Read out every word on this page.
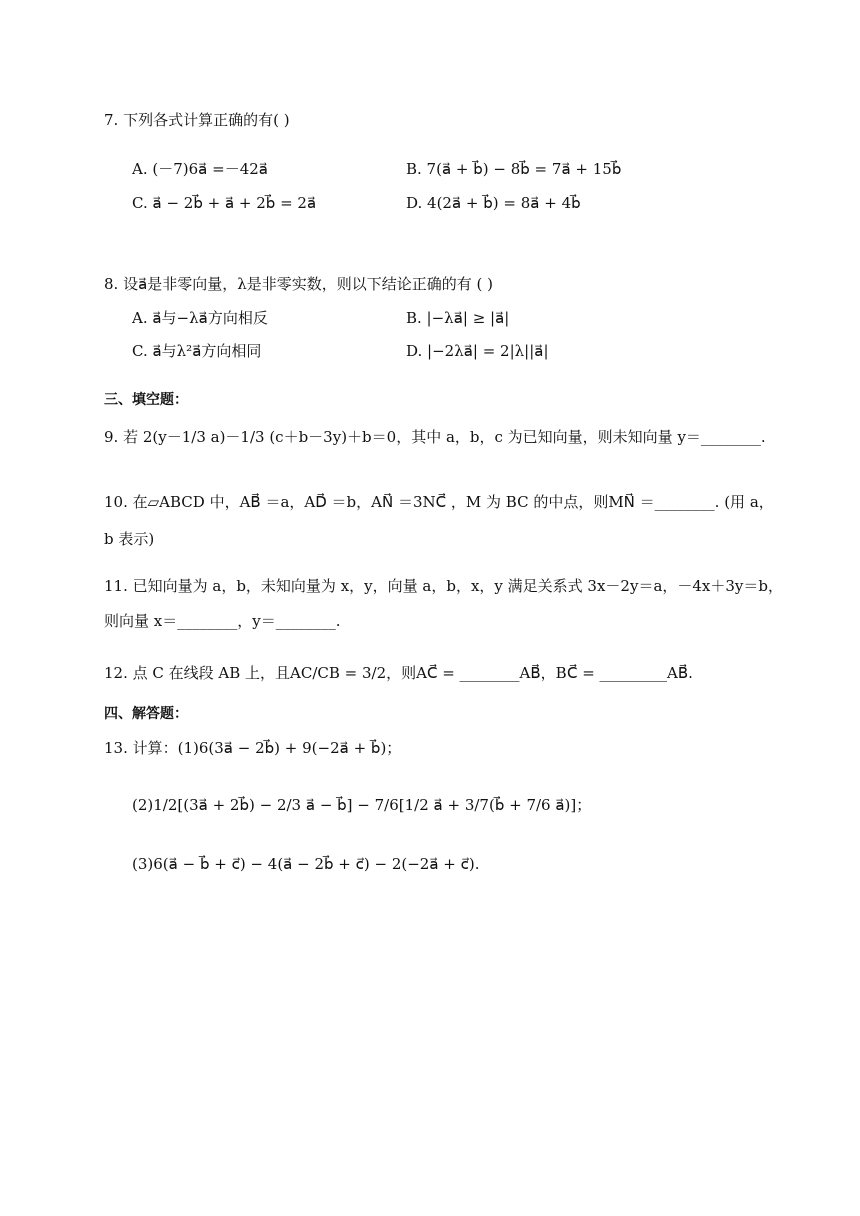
7. 下列各式计算正确的有( )
A. (－7)6a⃗ =－42a⃗	B. 7(a⃗ + b⃗) − 8b⃗ = 7a⃗ + 15b⃗
C. a⃗ − 2b⃗ + a⃗ + 2b⃗ = 2a⃗	D. 4(2a⃗ + b⃗) = 8a⃗ + 4b⃗
8. 设a⃗是非零向量，λ是非零实数，则以下结论正确的有 ( )
A. a⃗与−λa⃗方向相反	B. |−λa⃗| ≥ |a⃗|
C. a⃗与λ²a⃗方向相同	D. |−2λa⃗| = 2|λ||a⃗|
三、填空题：
9. 若 2(y－1/3 a)－1/3 (c＋b－3y)＋b＝0，其中 a，b，c 为已知向量，则未知向量 y＝________.
10. 在▱ABCD 中，AB⃗ ＝a，AD⃗ ＝b，AN⃗ ＝3NC⃗ ，M 为 BC 的中点，则MN⃗ ＝________. (用 a，
b 表示)
11. 已知向量为 a，b，未知向量为 x，y，向量 a，b，x，y 满足关系式 3x－2y＝a，－4x＋3y＝b，
则向量 x＝________，y＝________.
12. 点 C 在线段 AB 上，且AC/CB = 3/2，则AC⃗ = ________AB⃗，BC⃗ = _________AB⃗.
四、解答题：
13. 计算：(1)6(3a⃗ − 2b⃗) + 9(−2a⃗ + b⃗)；
(2)1/2[(3a⃗ + 2b⃗) − 2/3 a⃗ − b⃗] − 7/6[1/2 a⃗ + 3/7(b⃗ + 7/6 a⃗)]；
(3)6(a⃗ − b⃗ + c⃗) − 4(a⃗ − 2b⃗ + c⃗) − 2(−2a⃗ + c⃗).
